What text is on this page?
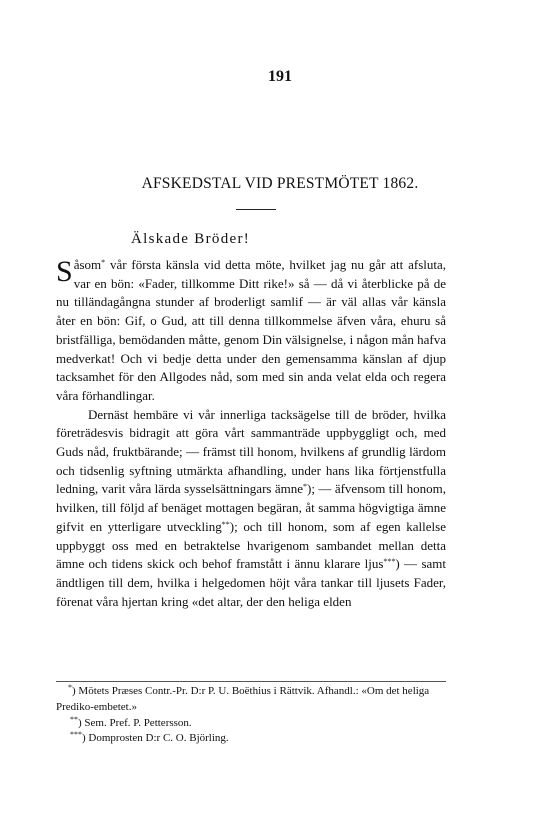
191
AFSKEDSTAL VID PRESTMÖTET 1862.
Älskade Bröder!

Såsom* vår första känsla vid detta möte, hvilket jag nu går att afsluta, var en bön: «Fader, tillkomme Ditt rike!» så — då vi återblicke på de nu tilländagångna stunder af broderligt samlif — är väl allas vår känsla åter en bön: Gif, o Gud, att till denna tillkommelse äfven våra, ehuru så bristfälliga, bemödanden måtte, genom Din välsignelse, i någon mån hafva medverkat! Och vi bedje detta under den gemensamma känslan af djup tacksamhet för den Allgodes nåd, som med sin anda velat elda och regera våra förhandlingar.

Dernäst hembäre vi vår innerliga tacksägelse till de bröder, hvilka företrädesvis bidragit att göra vårt sammanträde uppbyggligt och, med Guds nåd, fruktbärande; — främst till honom, hvilkens af grundlig lärdom och tidsenlig syftning utmärkta afhandling, under hans lika förtjenstfulla ledning, varit våra lärda sysselsättningars ämne*); — äfvensom till honom, hvilken, till följd af benäget mottagen begäran, åt samma högvigtiga ämne gifvit en ytterligare utveckling**); och till honom, som af egen kallelse uppbyggt oss med en betraktelse hvarigenom sambandet mellan detta ämne och tidens skick och behof framstått i ännu klarare ljus***) — samt ändtligen till dem, hvilka i helgedomen höjt våra tankar till ljusets Fader, förenat våra hjertan kring «det altar, der den heliga elden

*) Mötets Præses Contr.-Pr. D:r P. U. Boëthius i Rättvik. Afhandl.: «Om det heliga Prediko-embetet.»

**) Sem. Pref. P. Pettersson.

***) Domprosten D:r C. O. Björling.
